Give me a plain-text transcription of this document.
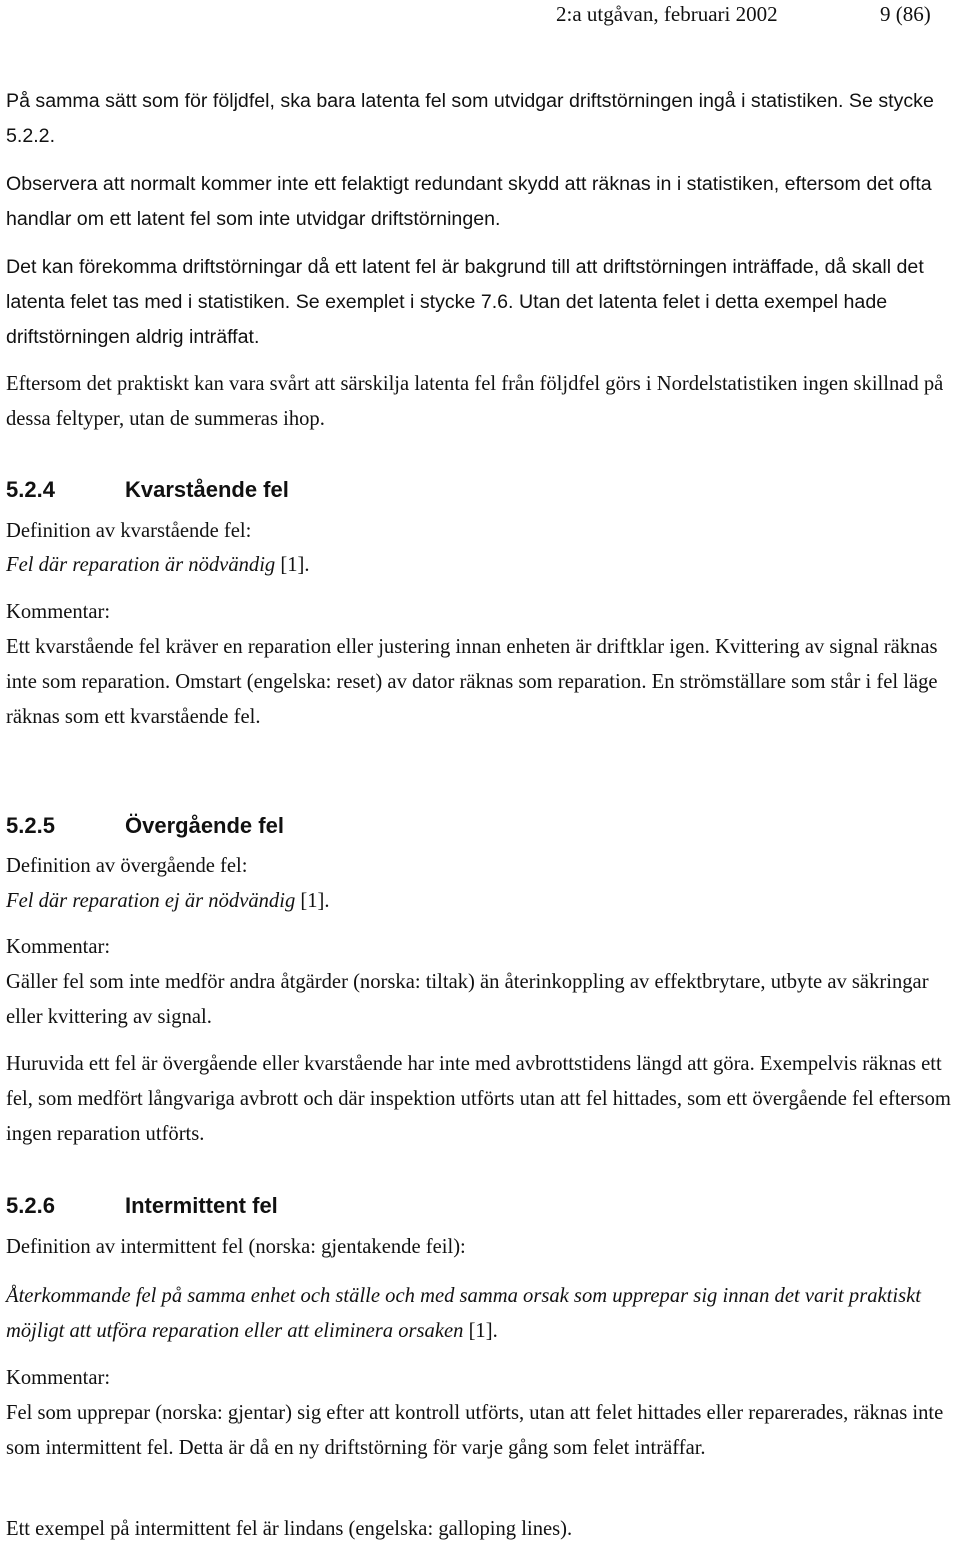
2:a utgåvan, februari 2002	9 (86)

På samma sätt som för följdfel, ska bara latenta fel som utvidgar driftstörningen ingå i statistiken. Se stycke 5.2.2.

Observera att normalt kommer inte ett felaktigt redundant skydd att räknas in i statistiken, eftersom det ofta handlar om ett latent fel som inte utvidgar driftstörningen.

Det kan förekomma driftstörningar då ett latent fel är bakgrund till att driftstörningen inträffade, då skall det latenta felet tas med i statistiken. Se exemplet i stycke 7.6. Utan det latenta felet i detta exempel hade driftstörningen aldrig inträffat.

Eftersom det praktiskt kan vara svårt att särskilja latenta fel från följdfel görs i Nordelstatistiken ingen skillnad på dessa feltyper, utan de summeras ihop.

5.2.4	Kvarstående fel

Definition av kvarstående fel:

Fel där reparation är nödvändig [1].

Kommentar:

Ett kvarstående fel kräver en reparation eller justering innan enheten är driftklar igen. Kvittering av signal räknas inte som reparation. Omstart (engelska: reset) av dator räknas som reparation. En strömställare som står i fel läge räknas som ett kvarstående fel.

5.2.5	Övergående fel

Definition av övergående fel:

Fel där reparation ej är nödvändig [1].

Kommentar:

Gäller fel som inte medför andra åtgärder (norska: tiltak) än återinkoppling av effektbrytare, utbyte av säkringar eller kvittering av signal.

Huruvida ett fel är övergående eller kvarstående har inte med avbrottstidens längd att göra. Exempelvis räknas ett fel, som medfört långvariga avbrott och där inspektion utförts utan att fel hittades, som ett övergående fel eftersom ingen reparation utförts.

5.2.6	Intermittent fel

Definition av intermittent fel (norska: gjentakende feil):

Återkommande fel på samma enhet och ställe och med samma orsak som upprepar sig innan det varit praktiskt möjligt att utföra reparation eller att eliminera orsaken [1].

Kommentar:

Fel som upprepar (norska: gjentar) sig efter att kontroll utförts, utan att felet hittades eller reparerades, räknas inte som intermittent fel. Detta är då en ny driftstörning för varje gång som felet inträffar.

Ett exempel på intermittent fel är lindans (engelska: galloping lines).
